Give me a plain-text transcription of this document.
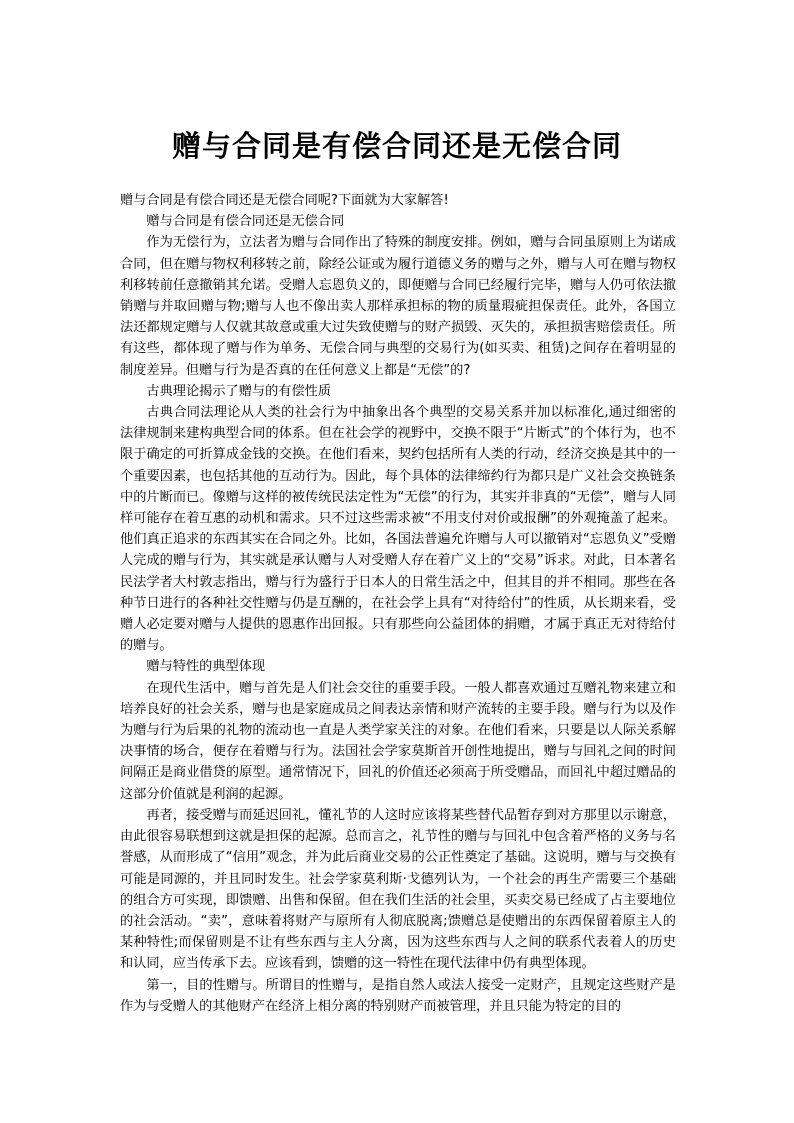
赠与合同是有偿合同还是无偿合同

赠与合同是有偿合同还是无偿合同呢?下面就为大家解答!

赠与合同是有偿合同还是无偿合同

作为无偿行为，立法者为赠与合同作出了特殊的制度安排。例如，赠与合同虽原则上为诺成合同，但在赠与物权利移转之前，除经公证或为履行道德义务的赠与之外，赠与人可在赠与物权利移转前任意撤销其允诺。受赠人忘恩负义的，即便赠与合同已经履行完毕，赠与人仍可依法撤销赠与并取回赠与物;赠与人也不像出卖人那样承担标的物的质量瑕疵担保责任。此外，各国立法还都规定赠与人仅就其故意或重大过失致使赠与的财产损毁、灭失的，承担损害赔偿责任。所有这些，都体现了赠与作为单务、无偿合同与典型的交易行为(如买卖、租赁)之间存在着明显的制度差异。但赠与行为是否真的在任何意义上都是“无偿”的?

古典理论揭示了赠与的有偿性质

古典合同法理论从人类的社会行为中抽象出各个典型的交易关系并加以标准化,通过细密的法律规制来建构典型合同的体系。但在社会学的视野中，交换不限于“片断式”的个体行为，也不限于确定的可折算成金钱的交换。在他们看来，契约包括所有人类的行动，经济交换是其中的一个重要因素，也包括其他的互动行为。因此，每个具体的法律缔约行为都只是广义社会交换链条中的片断而已。像赠与这样的被传统民法定性为“无偿”的行为，其实并非真的“无偿”，赠与人同样可能存在着互惠的动机和需求。只不过这些需求被“不用支付对价或报酬”的外观掩盖了起来。他们真正追求的东西其实在合同之外。比如，各国法普遍允许赠与人可以撤销对“忘恩负义”受赠人完成的赠与行为，其实就是承认赠与人对受赠人存在着广义上的“交易”诉求。对此，日本著名民法学者大村敦志指出，赠与行为盛行于日本人的日常生活之中，但其目的并不相同。那些在各种节日进行的各种社交性赠与仍是互酬的，在社会学上具有“对待给付”的性质，从长期来看，受赠人必定要对赠与人提供的恩惠作出回报。只有那些向公益团体的捐赠，才属于真正无对待给付的赠与。

赠与特性的典型体现

在现代生活中，赠与首先是人们社会交往的重要手段。一般人都喜欢通过互赠礼物来建立和培养良好的社会关系，赠与也是家庭成员之间表达亲情和财产流转的主要手段。赠与行为以及作为赠与行为后果的礼物的流动也一直是人类学家关注的对象。在他们看来，只要是以人际关系解决事情的场合，便存在着赠与行为。法国社会学家莫斯首开创性地提出，赠与与回礼之间的时间间隔正是商业借贷的原型。通常情况下，回礼的价值还必须高于所受赠品，而回礼中超过赠品的这部分价值就是利润的起源。

再者，接受赠与而延迟回礼，懂礼节的人这时应该将某些替代品暂存到对方那里以示谢意，由此很容易联想到这就是担保的起源。总而言之，礼节性的赠与与回礼中包含着严格的义务与名誉感，从而形成了“信用”观念，并为此后商业交易的公正性奠定了基础。这说明，赠与与交换有可能是同源的，并且同时发生。社会学家莫利斯·戈德列认为，一个社会的再生产需要三个基础的组合方可实现，即馈赠、出售和保留。但在我们生活的社会里，买卖交易已经成了占主要地位的社会活动。“卖”，意味着将财产与原所有人彻底脱离;馈赠总是使赠出的东西保留着原主人的某种特性;而保留则是不让有些东西与主人分离，因为这些东西与人之间的联系代表着人的历史和认同，应当传承下去。应该看到，馈赠的这一特性在现代法律中仍有典型体现。

第一，目的性赠与。所谓目的性赠与，是指自然人或法人接受一定财产，且规定这些财产是作为与受赠人的其他财产在经济上相分离的特别财产而被管理，并且只能为特定的目的
